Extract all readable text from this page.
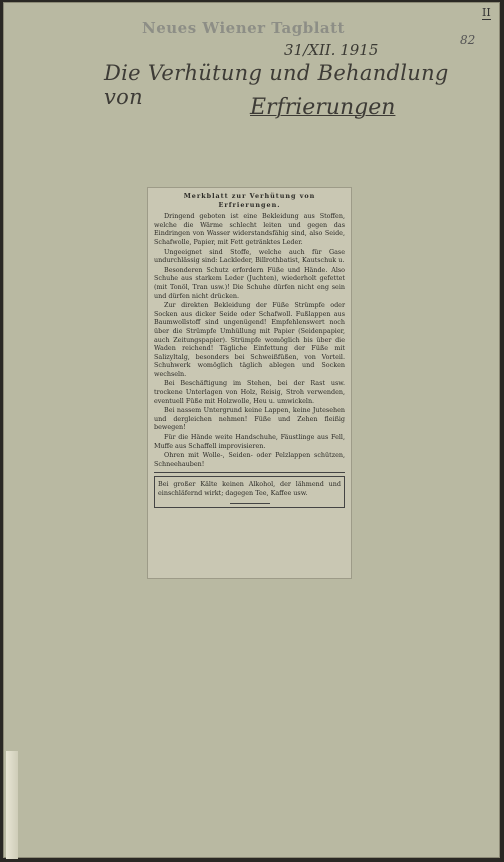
Neues Wiener Tagblatt
31/XII. 1915
II
82
Die Verhütung und Behandlung von	Erfrierungen
Merkblatt zur Verhütung von Erfrierungen.

Dringend geboten ist eine Bekleidung aus Stoffen, welche die Wärme schlecht leiten und gegen das Eindringen von Wasser widerstandsfähig sind, also Seide, Schafwolle, Papier, mit Fett getränktes Leder.

Ungeeignet sind Stoffe, welche auch für Gase undurchlässig sind: Lackleder, Billrothbatist, Kautschuk u.

Besonderen Schutz erfordern Füße und Hände. Also Schuhe aus starkem Leder (Juchten), wiederholt gefettet (mit Tonöl, Tran usw.)! Die Schuhe dürfen nicht eng sein und dürfen nicht drücken.

Zur direkten Bekleidung der Füße Strümpfe oder Socken aus dicker Seide oder Schafwoll. Fußlappen aus Baumwollstoff sind ungenügend! Empfehlenswert noch über die Strümpfe Umhüllung mit Papier (Seidenpapier, auch Zeitungspapier). Strümpfe womöglich bis über die Waden reichend! Tägliche Einfettung der Füße mit Salizyltalg, besonders bei Schweißfüßen, von Vorteil. Schuhwerk womöglich täglich ablegen und Socken wechseln.

Bei Beschäftigung im Stehen, bei der Rast usw. trockene Unterlagen von Holz, Reisig, Stroh verwenden, eventuell Füße mit Holzwolle, Heu u. umwickeln.

Bei nassem Untergrund keine Lappen, keine Jutesehen und dergleichen nehmen! Füße und Zehen fleißig bewegen!

Für die Hände weite Handschuhe, Fäustlinge aus Fell, Muffe aus Schaffell improvisieren.

Ohren mit Wolle-, Seiden- oder Pelzlappen schützen, Schneehauben!

Bei großer Kälte keinen Alkohol, der lähmend und einschläfernd wirkt; dagegen Tee, Kaffee usw.
